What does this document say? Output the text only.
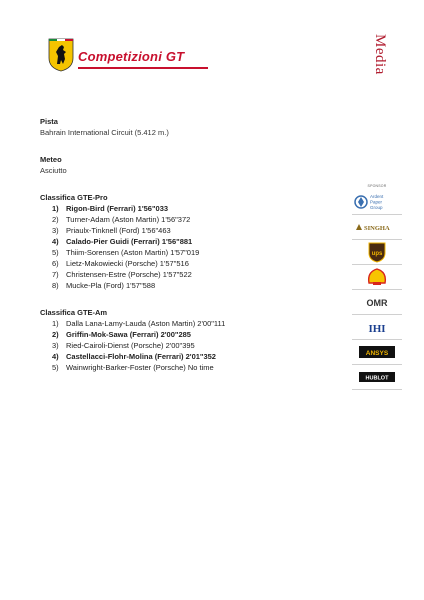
Competizioni GT	Media
Pista
Bahrain International Circuit (5.412 m.)
Meteo
Asciutto
Classifica GTE-Pro
1) Rigon-Bird (Ferrari) 1'56"033
2) Turner-Adam (Aston Martin) 1'56"372
3) Priaulx-Tinknell (Ford) 1'56"463
4) Calado-Pier Guidi (Ferrari) 1'56"881
5) Thiim-Sorensen (Aston Martin) 1'57"019
6) Lietz-Makowiecki (Porsche) 1'57"516
7) Christensen-Estre (Porsche) 1'57"522
8) Mucke-Pla (Ford) 1'57"588
Classifica GTE-Am
1) Dalla Lana-Lamy-Lauda (Aston Martin) 2'00"111
2) Griffin-Mok-Sawa (Ferrari) 2'00"285
3) Ried-Cairoli-Dienst (Porsche) 2'00"395
4) Castellacci-Flohr-Molina (Ferrari) 2'01"352
5) Wainwright-Barker-Foster (Porsche) No time
SPONSOR
Ardent
Paper
Group
SINGHA
ups
OMR
IHI
ANSYS
HUBLOT
